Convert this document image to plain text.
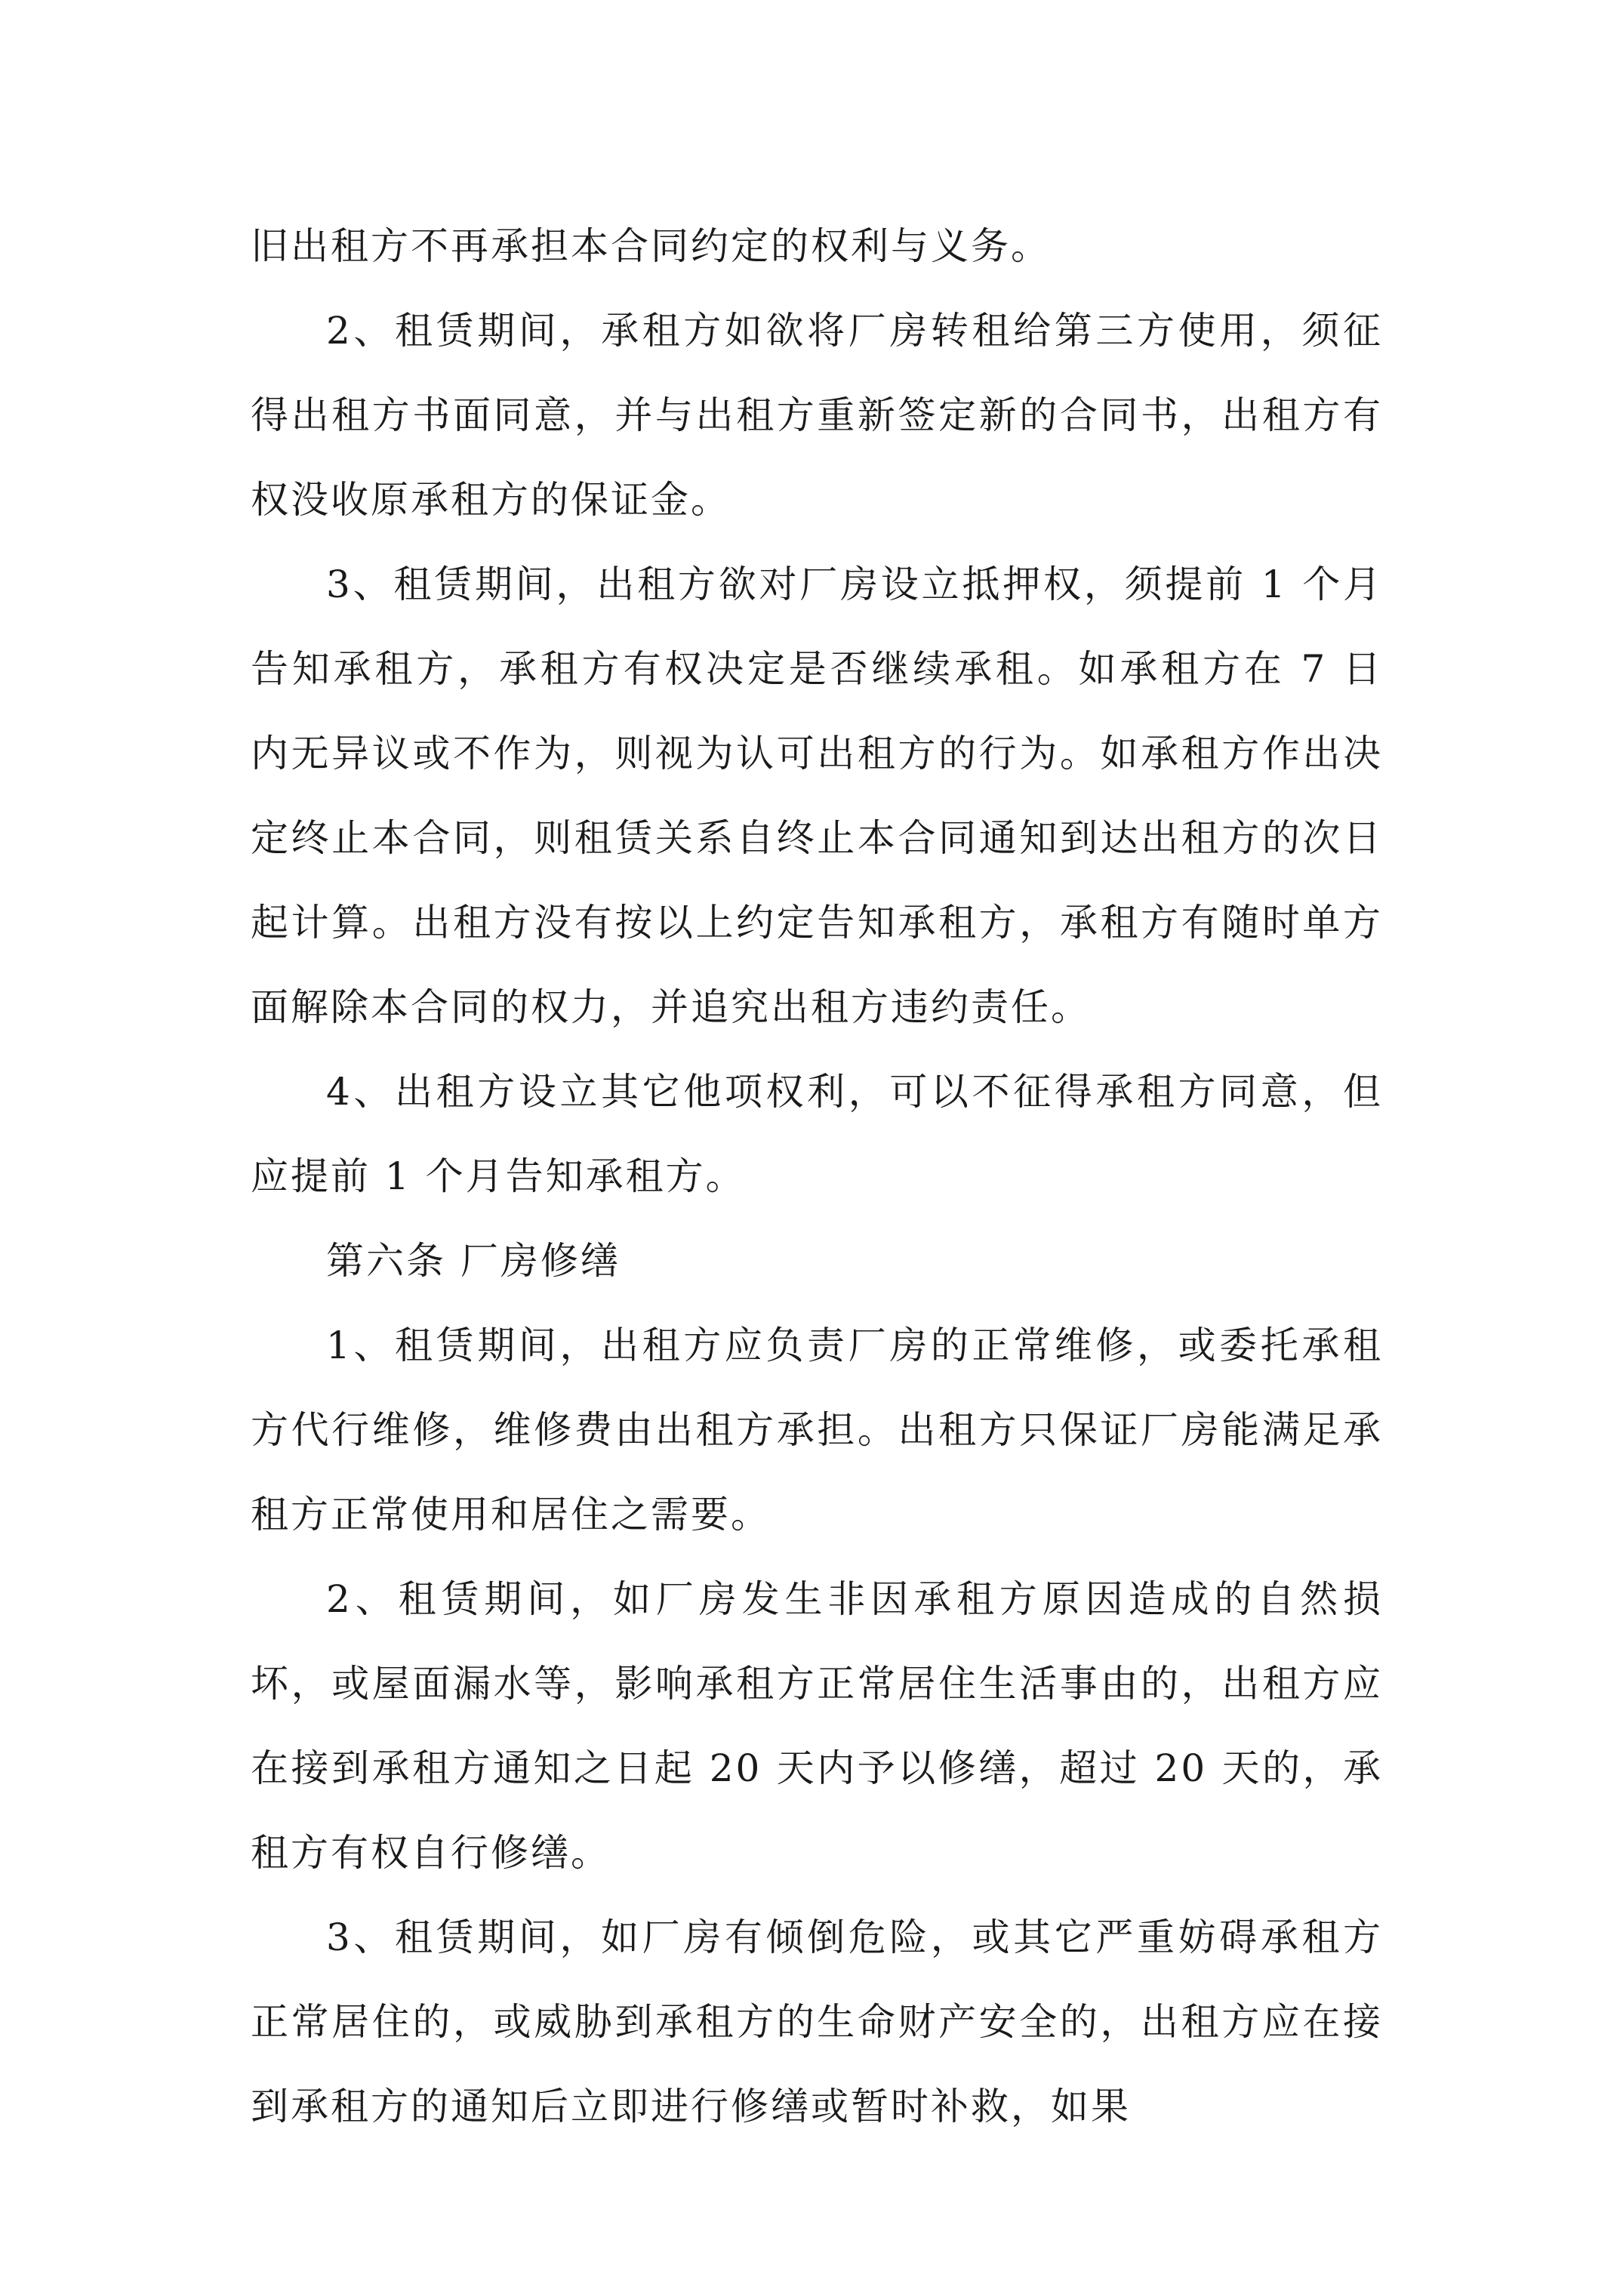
旧出租方不再承担本合同约定的权利与义务。

2、租赁期间，承租方如欲将厂房转租给第三方使用，须征得出租方书面同意，并与出租方重新签定新的合同书，出租方有权没收原承租方的保证金。

3、租赁期间，出租方欲对厂房设立抵押权，须提前 1 个月告知承租方，承租方有权决定是否继续承租。如承租方在 7 日内无异议或不作为，则视为认可出租方的行为。如承租方作出决定终止本合同，则租赁关系自终止本合同通知到达出租方的次日起计算。出租方没有按以上约定告知承租方，承租方有随时单方面解除本合同的权力，并追究出租方违约责任。

4、出租方设立其它他项权利，可以不征得承租方同意，但应提前 1 个月告知承租方。

第六条 厂房修缮

1、租赁期间，出租方应负责厂房的正常维修，或委托承租方代行维修，维修费由出租方承担。出租方只保证厂房能满足承租方正常使用和居住之需要。

2、租赁期间，如厂房发生非因承租方原因造成的自然损坏，或屋面漏水等，影响承租方正常居住生活事由的，出租方应在接到承租方通知之日起 20 天内予以修缮，超过 20 天的，承租方有权自行修缮。

3、租赁期间，如厂房有倾倒危险，或其它严重妨碍承租方正常居住的，或威胁到承租方的生命财产安全的，出租方应在接到承租方的通知后立即进行修缮或暂时补救，如果
